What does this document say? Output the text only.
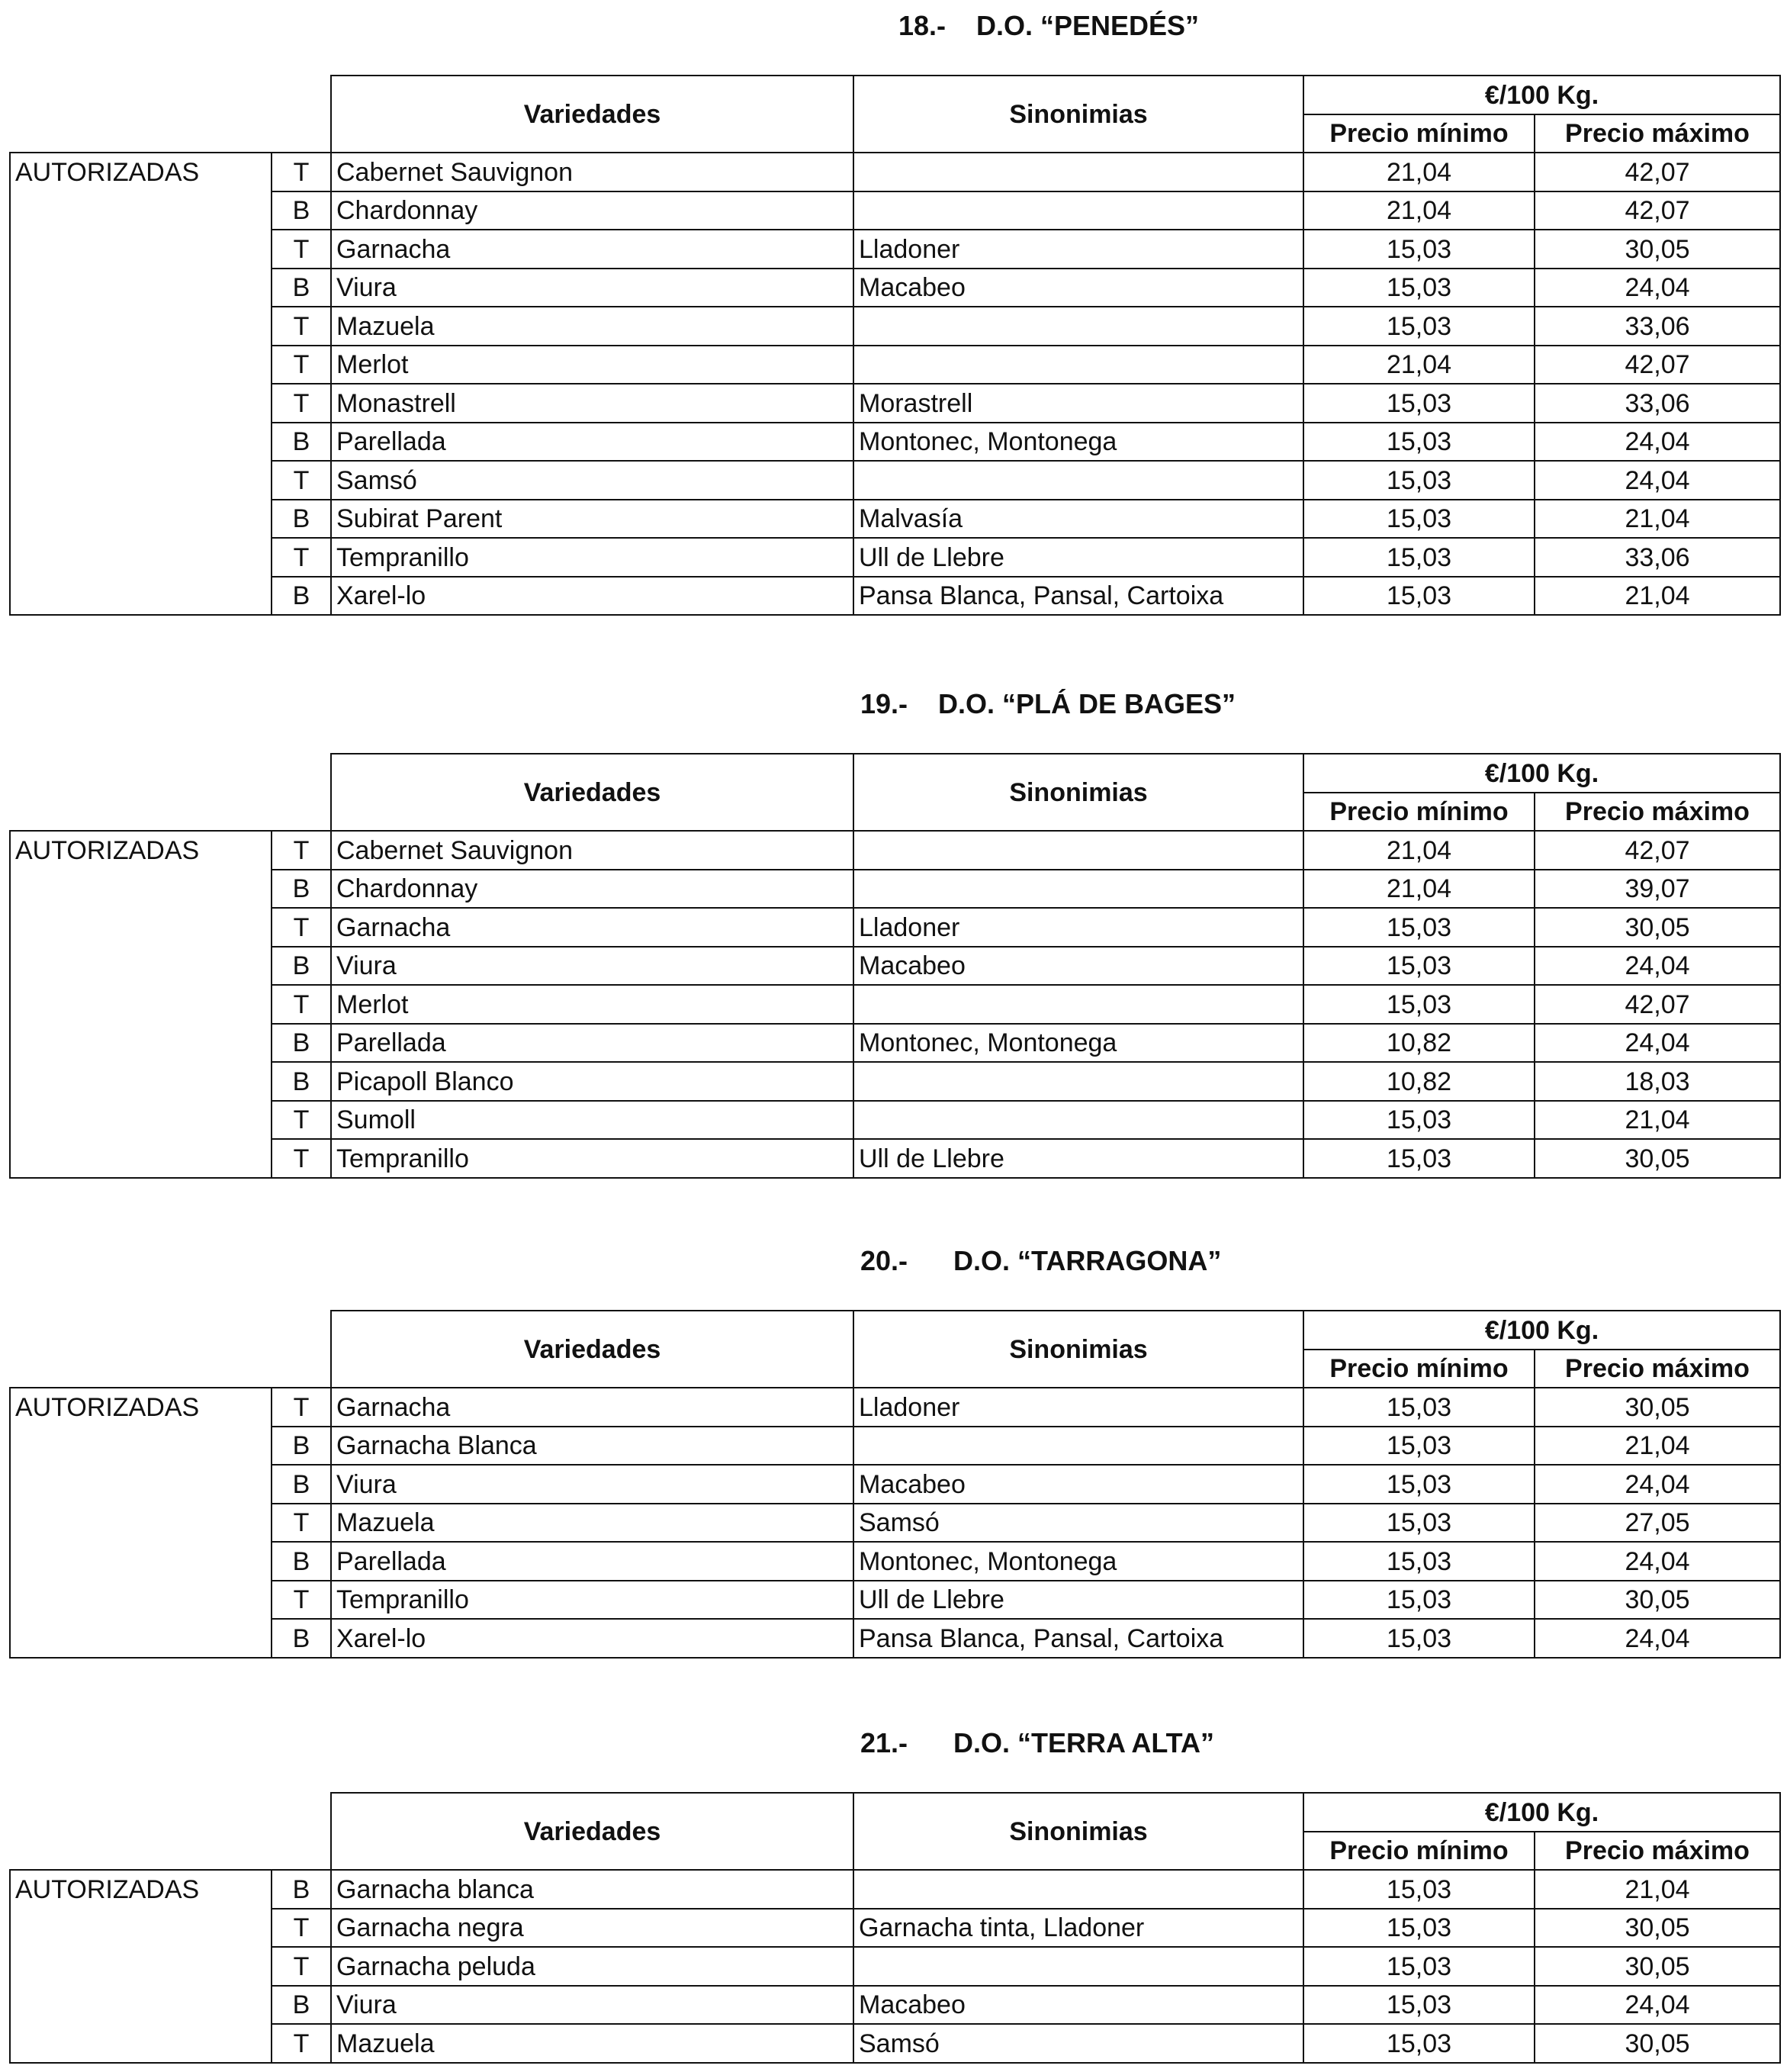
18.- D.O. “PENEDÉS”
		Variedades	Sinonimias	€/100 Kg.	
				Precio mínimo	Precio máximo
AUTORIZADAS	T	Cabernet Sauvignon		21,04	42,07
	B	Chardonnay		21,04	42,07
	T	Garnacha	Lladoner	15,03	30,05
	B	Viura	Macabeo	15,03	24,04
	T	Mazuela		15,03	33,06
	T	Merlot		21,04	42,07
	T	Monastrell	Morastrell	15,03	33,06
	B	Parellada	Montonec, Montonega	15,03	24,04
	T	Samsó		15,03	24,04
	B	Subirat Parent	Malvasía	15,03	21,04
	T	Tempranillo	Ull de Llebre	15,03	33,06
	B	Xarel-lo	Pansa Blanca, Pansal, Cartoixa	15,03	21,04
19.- D.O. “PLÁ DE BAGES”
		Variedades	Sinonimias	€/100 Kg.	
				Precio mínimo	Precio máximo
AUTORIZADAS	T	Cabernet Sauvignon		21,04	42,07
	B	Chardonnay		21,04	39,07
	T	Garnacha	Lladoner	15,03	30,05
	B	Viura	Macabeo	15,03	24,04
	T	Merlot		15,03	42,07
	B	Parellada	Montonec, Montonega	10,82	24,04
	B	Picapoll Blanco		10,82	18,03
	T	Sumoll		15,03	21,04
	T	Tempranillo	Ull de Llebre	15,03	30,05
20.- D.O. “TARRAGONA”
		Variedades	Sinonimias	€/100 Kg.	
				Precio mínimo	Precio máximo
AUTORIZADAS	T	Garnacha	Lladoner	15,03	30,05
	B	Garnacha Blanca		15,03	21,04
	B	Viura	Macabeo	15,03	24,04
	T	Mazuela	Samsó	15,03	27,05
	B	Parellada	Montonec, Montonega	15,03	24,04
	T	Tempranillo	Ull de Llebre	15,03	30,05
	B	Xarel-lo	Pansa Blanca, Pansal, Cartoixa	15,03	24,04
21.- D.O. “TERRA ALTA”
		Variedades	Sinonimias	€/100 Kg.	
				Precio mínimo	Precio máximo
AUTORIZADAS	B	Garnacha blanca		15,03	21,04
	T	Garnacha negra	Garnacha tinta, Lladoner	15,03	30,05
	T	Garnacha peluda		15,03	30,05
	B	Viura	Macabeo	15,03	24,04
	T	Mazuela	Samsó	15,03	30,05
